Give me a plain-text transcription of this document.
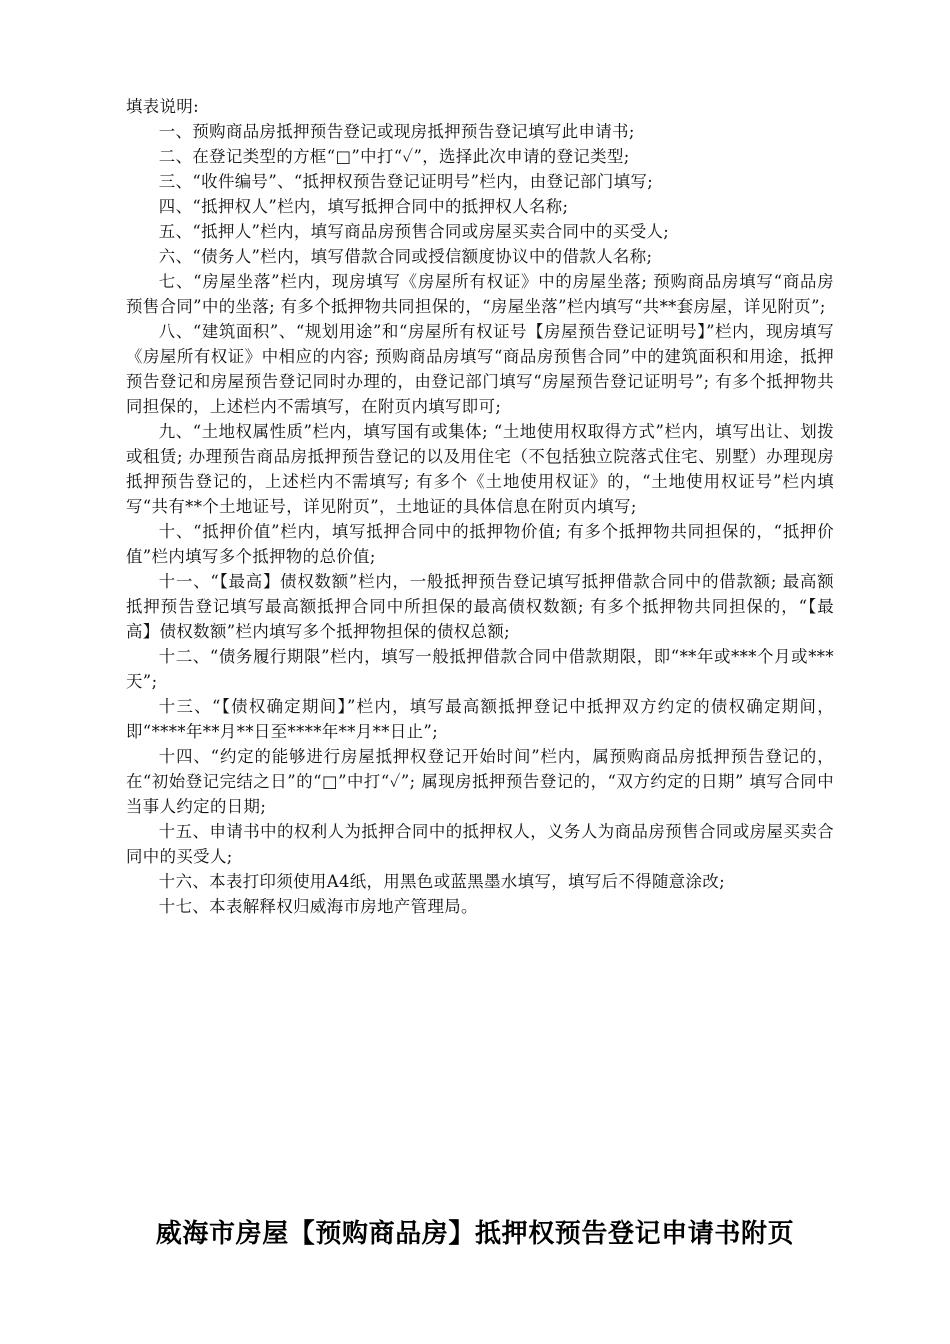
填表说明:

一、预购商品房抵押预告登记或现房抵押预告登记填写此申请书;

二、在登记类型的方框“□”中打“✓”，选择此次申请的登记类型;

三、“收件编号”、“抵押权预告登记证明号”栏内，由登记部门填写;

四、“抵押权人”栏内，填写抵押合同中的抵押权人名称;

五、“抵押人”栏内，填写商品房预售合同或房屋买卖合同中的买受人;

六、“债务人”栏内，填写借款合同或授信额度协议中的借款人名称;

七、“房屋坐落”栏内，现房填写《房屋所有权证》中的房屋坐落; 预购商品房填写“商品房预售合同”中的坐落; 有多个抵押物共同担保的，“房屋坐落”栏内填写“共**套房屋，详见附页”;

八、“建筑面积”、“规划用途”和“房屋所有权证号【房屋预告登记证明号】”栏内，现房填写《房屋所有权证》中相应的内容; 预购商品房填写“商品房预售合同”中的建筑面积和用途，抵押预告登记和房屋预告登记同时办理的，由登记部门填写“房屋预告登记证明号”; 有多个抵押物共同担保的，上述栏内不需填写，在附页内填写即可;

九、“土地权属性质”栏内，填写国有或集体; “土地使用权取得方式”栏内，填写出让、划拨或租赁; 办理预告商品房抵押预告登记的以及用住宅（不包括独立院落式住宅、别墅）办理现房抵押预告登记的，上述栏内不需填写; 有多个《土地使用权证》的，“土地使用权证号”栏内填写“共有**个土地证号，详见附页”，土地证的具体信息在附页内填写;

十、“抵押价值”栏内，填写抵押合同中的抵押物价值; 有多个抵押物共同担保的，“抵押价值”栏内填写多个抵押物的总价值;

十一、“【最高】债权数额”栏内，一般抵押预告登记填写抵押借款合同中的借款额; 最高额抵押预告登记填写最高额抵押合同中所担保的最高债权数额; 有多个抵押物共同担保的，“【最高】债权数额”栏内填写多个抵押物担保的债权总额;

十二、“债务履行期限”栏内，填写一般抵押借款合同中借款期限，即“**年或***个月或***天”;

十三、“【债权确定期间】”栏内，填写最高额抵押登记中抵押双方约定的债权确定期间，即“****年**月**日至****年**月**日止”;

十四、“约定的能够进行房屋抵押权登记开始时间”栏内，属预购商品房抵押预告登记的，在“初始登记完结之日”的“□”中打“✓”; 属现房抵押预告登记的，“双方约定的日期” 填写合同中当事人约定的日期;

十五、申请书中的权利人为抵押合同中的抵押权人，义务人为商品房预售合同或房屋买卖合同中的买受人;

十六、本表打印须使用A4纸，用黑色或蓝黑墨水填写，填写后不得随意涂改;

十七、本表解释权归威海市房地产管理局。

威海市房屋【预购商品房】抵押权预告登记申请书附页
